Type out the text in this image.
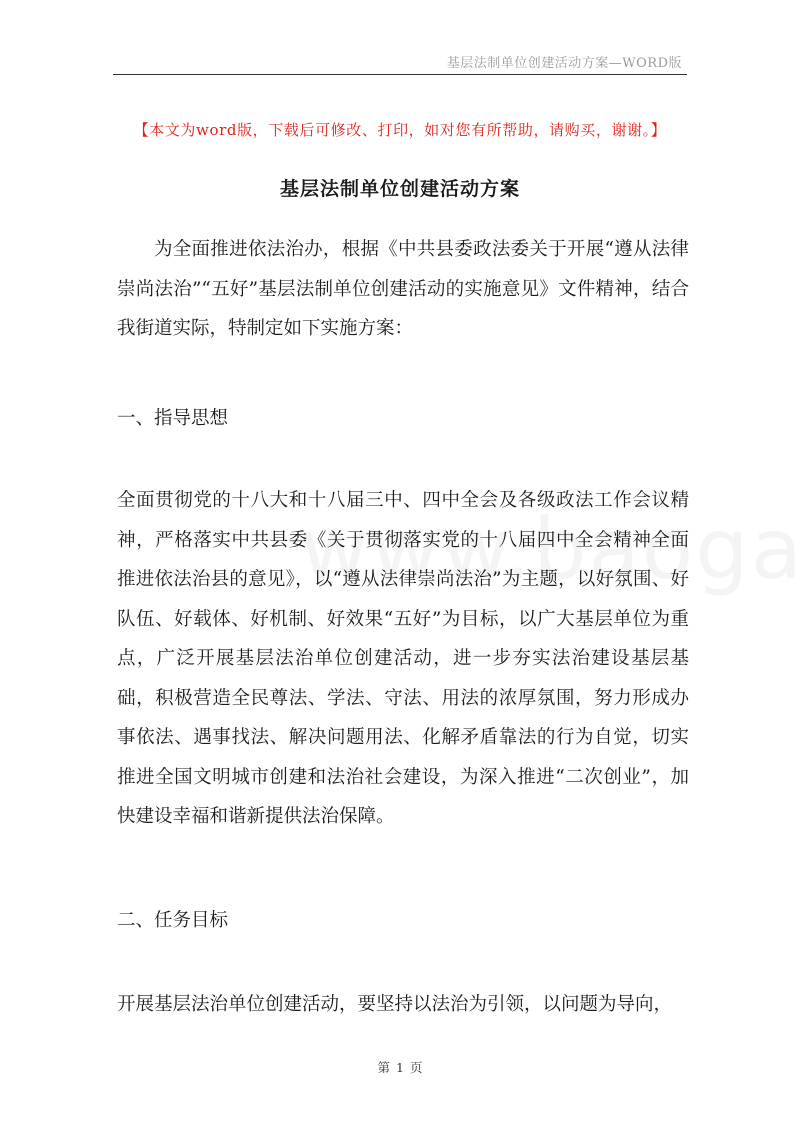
基层法制单位创建活动方案—WORD版
【本文为word版，下载后可修改、打印，如对您有所帮助，请购买，谢谢。】
基层法制单位创建活动方案

为全面推进依法治办，根据《中共县委政法委关于开展“遵从法律崇尚法治”“五好”基层法制单位创建活动的实施意见》文件精神，结合我街道实际，特制定如下实施方案：

一、指导思想

全面贯彻党的十八大和十八届三中、四中全会及各级政法工作会议精神，严格落实中共县委《关于贯彻落实党的十八届四中全会精神全面推进依法治县的意见》，以“遵从法律崇尚法治”为主题，以好氛围、好队伍、好载体、好机制、好效果“五好”为目标，以广大基层单位为重点，广泛开展基层法治单位创建活动，进一步夯实法治建设基层基础，积极营造全民尊法、学法、守法、用法的浓厚氛围，努力形成办事依法、遇事找法、解决问题用法、化解矛盾靠法的行为自觉，切实推进全国文明城市创建和法治社会建设，为深入推进“二次创业”，加快建设幸福和谐新提供法治保障。

二、任务目标

开展基层法治单位创建活动，要坚持以法治为引领，以问题为导向，

第 1 页
